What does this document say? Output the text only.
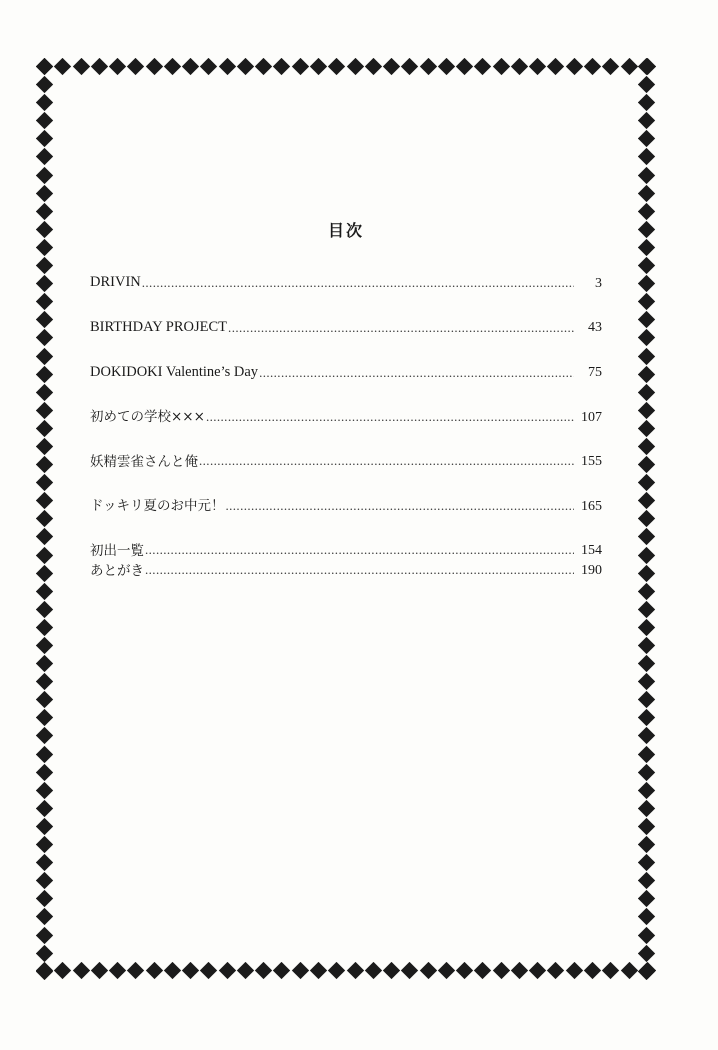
目次
DRIVIN .....	3
BIRTHDAY PROJECT .....	43
DOKIDOKI Valentine’s Day .....	75
初めての学校××× .....	107
妖精雲雀さんと俺 .....	155
ドッキリ夏のお中元！ .....	165
初出一覧 .....	154
あとがき .....	190
